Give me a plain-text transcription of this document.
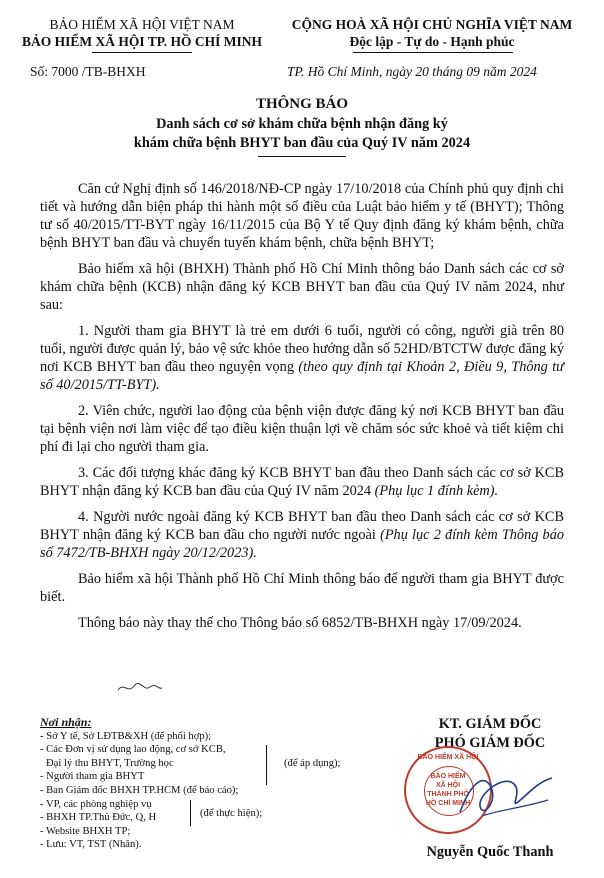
BẢO HIỂM XÃ HỘI VIỆT NAM
BẢO HIỂM XÃ HỘI TP. HỒ CHÍ MINH
CỘNG HOÀ XÃ HỘI CHỦ NGHĨA VIỆT NAM
Độc lập - Tự do - Hạnh phúc
Số: 7000 /TB-BHXH	TP. Hồ Chí Minh, ngày 20 tháng 09 năm 2024
THÔNG BÁO
Danh sách cơ sở khám chữa bệnh nhận đăng ký
khám chữa bệnh BHYT ban đầu của Quý IV năm 2024

Căn cứ Nghị định số 146/2018/NĐ-CP ngày 17/10/2018 của Chính phủ quy định chi tiết và hướng dẫn biện pháp thi hành một số điều của Luật bảo hiểm y tế (BHYT); Thông tư số 40/2015/TT-BYT ngày 16/11/2015 của Bộ Y tế Quy định đăng ký khám bệnh, chữa bệnh BHYT ban đầu và chuyển tuyến khám bệnh, chữa bệnh BHYT;

Bảo hiểm xã hội (BHXH) Thành phố Hồ Chí Minh thông báo Danh sách các cơ sở khám chữa bệnh (KCB) nhận đăng ký KCB BHYT ban đầu của Quý IV năm 2024, như sau:

1. Người tham gia BHYT là trẻ em dưới 6 tuổi, người có công, người già trên 80 tuổi, người được quản lý, bảo vệ sức khỏe theo hướng dẫn số 52HD/BTCTW được đăng ký nơi KCB BHYT ban đầu theo nguyện vọng (theo quy định tại Khoản 2, Điều 9, Thông tư số 40/2015/TT-BYT).

2. Viên chức, người lao động của bệnh viện được đăng ký nơi KCB BHYT ban đầu tại bệnh viện nơi làm việc để tạo điều kiện thuận lợi về chăm sóc sức khoẻ và tiết kiệm chi phí đi lại cho người tham gia.

3. Các đối tượng khác đăng ký KCB BHYT ban đầu theo Danh sách các cơ sở KCB BHYT nhận đăng ký KCB ban đầu của Quý IV năm 2024 (Phụ lục 1 đính kèm).

4. Người nước ngoài đăng ký KCB BHYT ban đầu theo Danh sách các cơ sở KCB BHYT nhận đăng ký KCB ban đầu cho người nước ngoài (Phụ lục 2 đính kèm Thông báo số 7472/TB-BHXH ngày 20/12/2023).

Bảo hiểm xã hội Thành phố Hồ Chí Minh thông báo để người tham gia BHYT được biết.

Thông báo này thay thế cho Thông báo số 6852/TB-BHXH ngày 17/09/2024.

Nơi nhận:
- Sở Y tế, Sở LĐTB&XH (để phối hợp);
- Các Đơn vị sử dụng lao động, cơ sở KCB,
Đại lý thu BHYT, Trường học
- Người tham gia BHYT
- Ban Giám đốc BHXH TP.HCM (để báo cáo);
- VP, các phòng nghiệp vụ
- BHXH TP.Thủ Đức, Q, H
- Website BHXH TP;
- Lưu: VT, TST (Nhân).
(để áp dụng);
(để thực hiện);
KT. GIÁM ĐỐC
PHÓ GIÁM ĐỐC
BẢO HIỂM XÃ HỘI
BẢO HIỂM
XÃ HỘI
THÀNH PHỐ
HỒ CHÍ MINH
Nguyễn Quốc Thanh
